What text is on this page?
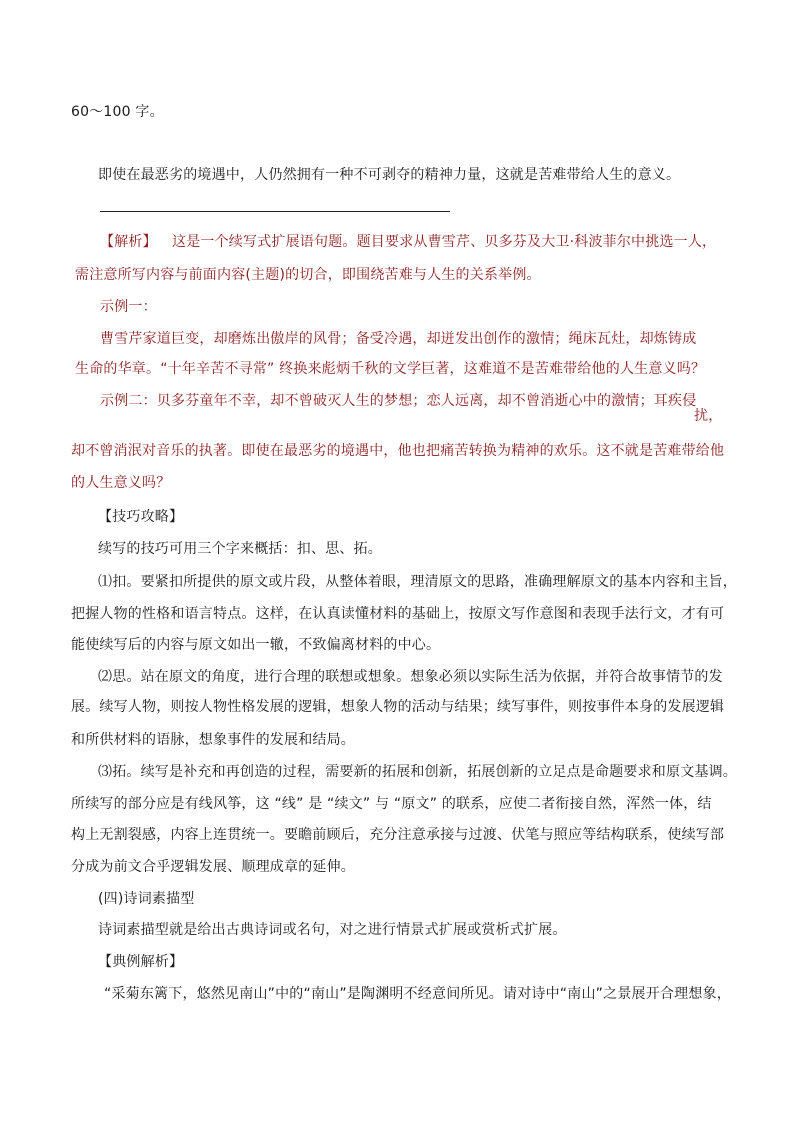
60～100 字。
即使在最恶劣的境遇中，人仍然拥有一种不可剥夺的精神力量，这就是苦难带给人生的意义。
【解析】 这是一个续写式扩展语句题。题目要求从曹雪芹、贝多芬及大卫·科波菲尔中挑选一人，
需注意所写内容与前面内容(主题)的切合，即围绕苦难与人生的关系举例。
示例一：
曹雪芹家道巨变，却磨炼出傲岸的风骨；备受冷遇，却迸发出创作的激情；绳床瓦灶，却炼铸成
生命的华章。“十年辛苦不寻常” 终换来彪炳千秋的文学巨著，这难道不是苦难带给他的人生意义吗？
示例二：贝多芬童年不幸，却不曾破灭人生的梦想；恋人远离，却不曾消逝心中的激情；耳疾侵
扰，
却不曾消泯对音乐的执著。即使在最恶劣的境遇中，他也把痛苦转换为精神的欢乐。这不就是苦难带给他
的人生意义吗？
【技巧攻略】
续写的技巧可用三个字来概括：扣、思、拓。
⑴扣。要紧扣所提供的原文或片段，从整体着眼，理清原文的思路，准确理解原文的基本内容和主旨，
把握人物的性格和语言特点。这样，在认真读懂材料的基础上，按原文写作意图和表现手法行文，才有可
能使续写后的内容与原文如出一辙，不致偏离材料的中心。
⑵思。站在原文的角度，进行合理的联想或想象。想象必须以实际生活为依据，并符合故事情节的发
展。续写人物，则按人物性格发展的逻辑，想象人物的活动与结果；续写事件，则按事件本身的发展逻辑
和所供材料的语脉，想象事件的发展和结局。
⑶拓。续写是补充和再创造的过程，需要新的拓展和创新，拓展创新的立足点是命题要求和原文基调。
所续写的部分应是有线风筝，这 “线” 是 “续文” 与 “原文” 的联系，应使二者衔接自然，浑然一体，结
构上无割裂感，内容上连贯统一。要瞻前顾后，充分注意承接与过渡、伏笔与照应等结构联系，使续写部
分成为前文合乎逻辑发展、顺理成章的延伸。
(四)诗词素描型
诗词素描型就是给出古典诗词或名句，对之进行情景式扩展或赏析式扩展。
【典例解析】
“采菊东篱下，悠然见南山”中的“南山”是陶渊明不经意间所见。请对诗中“南山”之景展开合理想象，
